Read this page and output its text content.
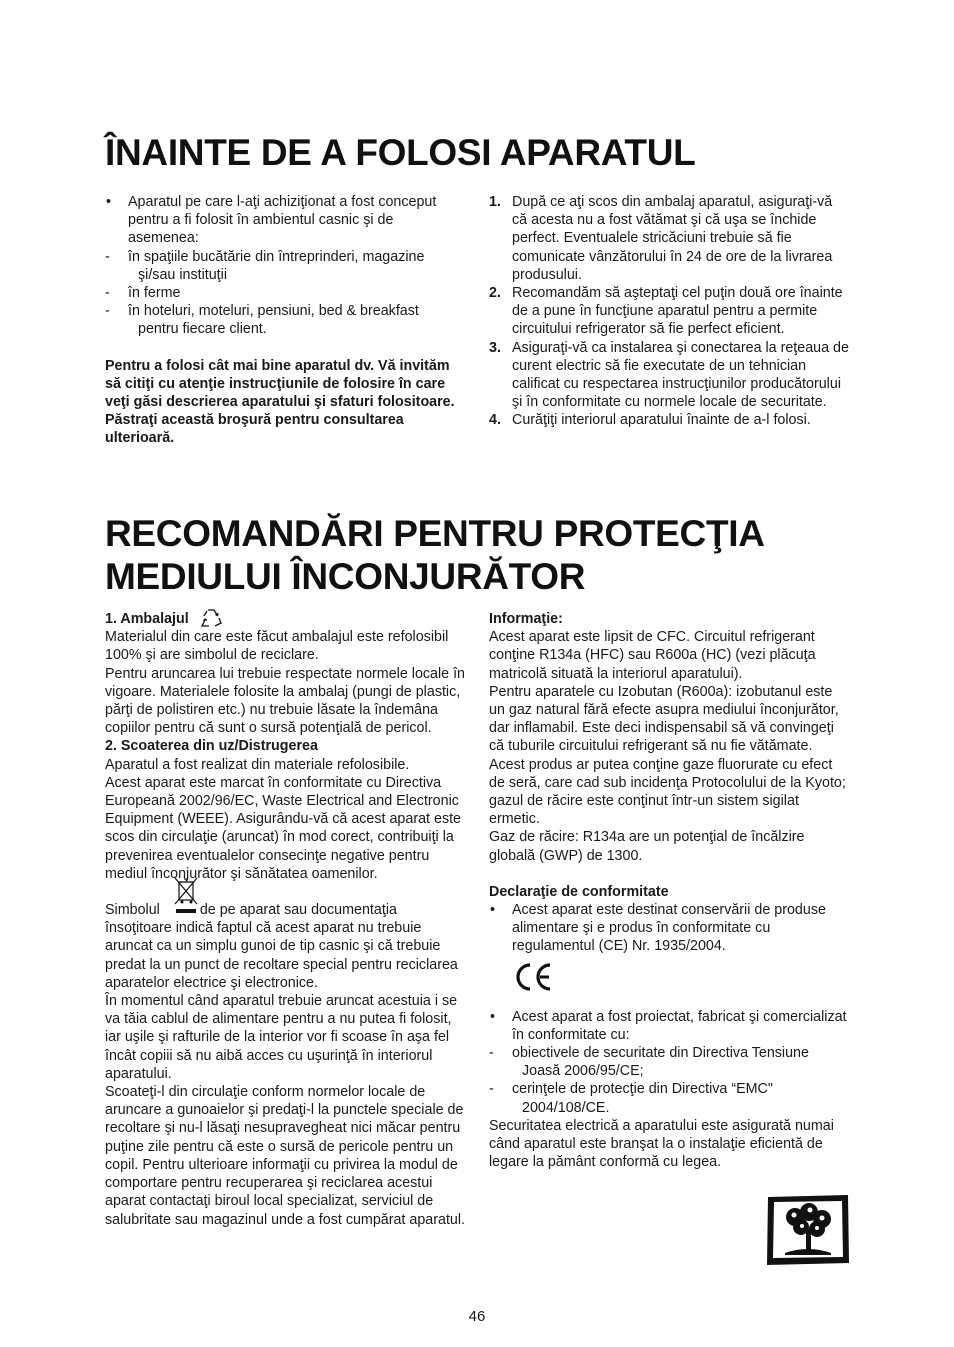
ÎNAINTE DE A FOLOSI APARATUL
• Aparatul pe care l-aţi achiziţionat a fost conceput pentru a fi folosit în ambientul casnic şi de asemenea:
- în spaţiile bucătărie din întreprinderi, magazine şi/sau instituţii
- în ferme
- în hoteluri, moteluri, pensiuni, bed & breakfast pentru fiecare client.
Pentru a folosi cât mai bine aparatul dv. Vă invităm să citiţi cu atenţie instrucţiunile de folosire în care veţi găsi descrierea aparatului şi sfaturi folositoare.
Păstraţi această broşură pentru consultarea ulterioară.
1. După ce aţi scos din ambalaj aparatul, asiguraţi-vă că acesta nu a fost vătămat şi că uşa se închide perfect. Eventualele stricăciuni trebuie să fie comunicate vânzătorului în 24 de ore de la livrarea produsului.
2. Recomandăm să aşteptaţi cel puţin două ore înainte de a pune în funcţiune aparatul pentru a permite circuitului refrigerator să fie perfect eficient.
3. Asiguraţi-vă ca instalarea şi conectarea la reţeaua de curent electric să fie executate de un tehnician calificat cu respectarea instrucţiunilor producătorului şi în conformitate cu normele locale de securitate.
4. Curăţiţi interiorul aparatului înainte de a-l folosi.
RECOMANDĂRI PENTRU PROTECŢIA
MEDIULUI ÎNCONJURĂTOR
1. Ambalajul
Materialul din care este făcut ambalajul este refolosibil 100% şi are simbolul de reciclare.
Pentru aruncarea lui trebuie respectate normele locale în vigoare. Materialele folosite la ambalaj (pungi de plastic, părţi de polistiren etc.) nu trebuie lăsate la îndemâna copiilor pentru că sunt o sursă potenţială de pericol.
2. Scoaterea din uz/Distrugerea
Aparatul a fost realizat din materiale refolosibile.
Acest aparat este marcat în conformitate cu Directiva Europeană 2002/96/EC, Waste Electrical and Electronic Equipment (WEEE). Asigurându-vă că acest aparat este scos din circulaţie (aruncat) în mod corect, contribuiţi la prevenirea eventualelor consecinţe negative pentru mediul înconjurător şi sănătatea oamenilor.
Simbolul	de pe aparat sau documentaţia
însoţitoare indică faptul că acest aparat nu trebuie aruncat ca un simplu gunoi de tip casnic şi că trebuie predat la un punct de recoltare special pentru reciclarea aparatelor electrice şi electronice.
În momentul când aparatul trebuie aruncat acestuia i se va tăia cablul de alimentare pentru a nu putea fi folosit, iar uşile şi rafturile de la interior vor fi scoase în aşa fel încât copiii să nu aibă acces cu uşurinţă în interiorul aparatului.
Scoateţi-l din circulaţie conform normelor locale de aruncare a gunoaielor şi predaţi-l la punctele speciale de recoltare şi nu-l lăsaţi nesupravegheat nici măcar pentru puţine zile pentru că este o sursă de pericole pentru un copil. Pentru ulterioare informaţii cu privirea la modul de comportare pentru recuperarea şi reciclarea acestui aparat contactaţi biroul local specializat, serviciul de salubritate sau magazinul unde a fost cumpărat aparatul.
Informaţie:
Acest aparat este lipsit de CFC. Circuitul refrigerant conţine R134a (HFC) sau R600a (HC) (vezi plăcuţa matricolă situată la interiorul aparatului).
Pentru aparatele cu Izobutan (R600a): izobutanul este un gaz natural fără efecte asupra mediului înconjurător, dar inflamabil. Este deci indispensabil să vă convingeţi că tuburile circuitului refrigerant să nu fie vătămate.
Acest produs ar putea conţine gaze fluorurate cu efect de seră, care cad sub incidenţa Protocolului de la Kyoto; gazul de răcire este conţinut într-un sistem sigilat ermetic.
Gaz de răcire: R134a are un potenţial de încălzire globală (GWP) de 1300.
Declaraţie de conformitate
• Acest aparat este destinat conservării de produse alimentare şi e produs în conformitate cu regulamentul (CE) Nr. 1935/2004.
• Acest aparat a fost proiectat, fabricat şi comercializat în conformitate cu:
- obiectivele de securitate din Directiva Tensiune Joasă 2006/95/CE;
- cerinţele de protecţie din Directiva “EMC" 2004/108/CE.
Securitatea electrică a aparatului este asigurată numai când aparatul este branşat la o instalaţie eficientă de legare la pământ conformă cu legea.
46
